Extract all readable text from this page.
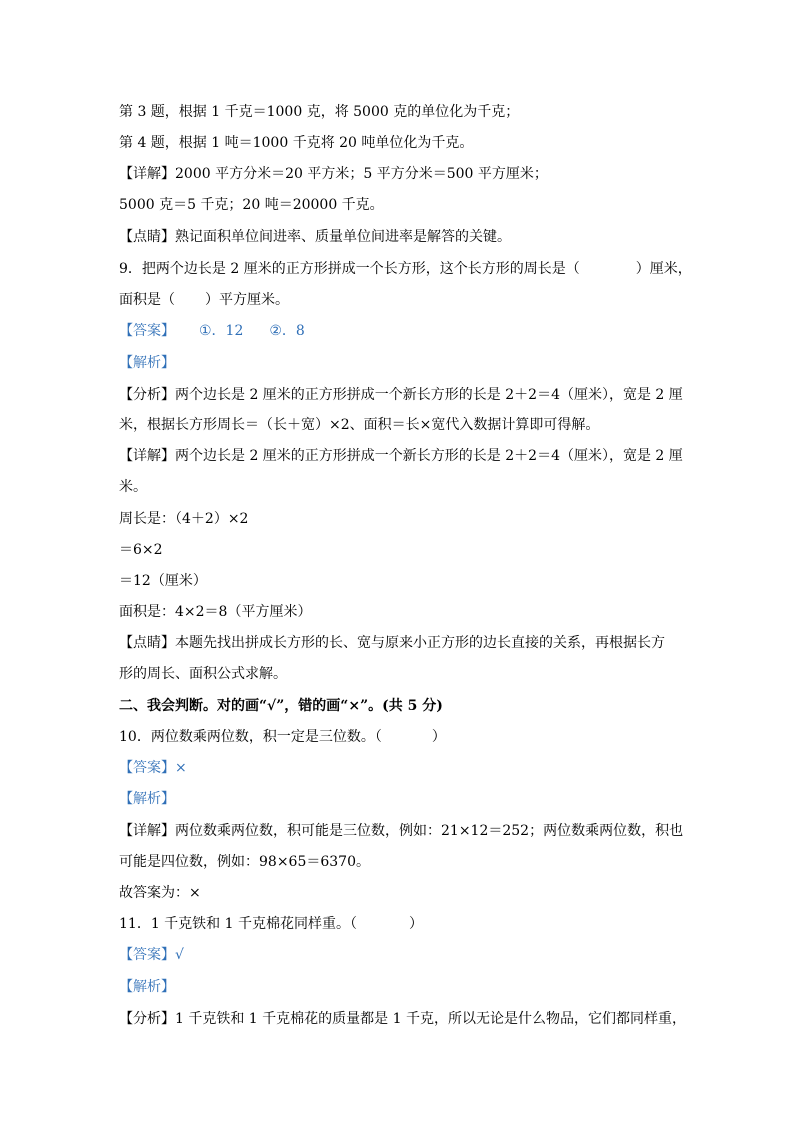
第 3 题，根据 1 千克＝1000 克，将 5000 克的单位化为千克；
第 4 题，根据 1 吨＝1000 千克将 20 吨单位化为千克。
【详解】2000 平方分米＝20 平方米；5 平方分米＝500 平方厘米；
5000 克＝5 千克；20 吨＝20000 千克。
【点睛】熟记面积单位间进率、质量单位间进率是解答的关键。
9．把两个边长是 2 厘米的正方形拼成一个长方形，这个长方形的周长是（	）厘米，
面积是（ ）平方厘米。
【答案】 ①．12 ②．8
【解析】
【分析】两个边长是 2 厘米的正方形拼成一个新长方形的长是 2＋2＝4（厘米），宽是 2 厘
米，根据长方形周长＝（长＋宽）×2、面积＝长×宽代入数据计算即可得解。
【详解】两个边长是 2 厘米的正方形拼成一个新长方形的长是 2＋2＝4（厘米），宽是 2 厘
米。
周长是：（4＋2）×2
＝6×2
＝12（厘米）
面积是：4×2＝8（平方厘米）
【点睛】本题先找出拼成长方形的长、宽与原来小正方形的边长直接的关系，再根据长方
形的周长、面积公式求解。
二、我会判断。对的画“√”，错的画“×”。(共 5 分)
10．两位数乘两位数，积一定是三位数。（	）
【答案】×
【解析】
【详解】两位数乘两位数，积可能是三位数，例如：21×12＝252；两位数乘两位数，积也
可能是四位数，例如：98×65＝6370。
故答案为：×
11．1 千克铁和 1 千克棉花同样重。（	）
【答案】√
【解析】
【分析】1 千克铁和 1 千克棉花的质量都是 1 千克，所以无论是什么物品，它们都同样重，
